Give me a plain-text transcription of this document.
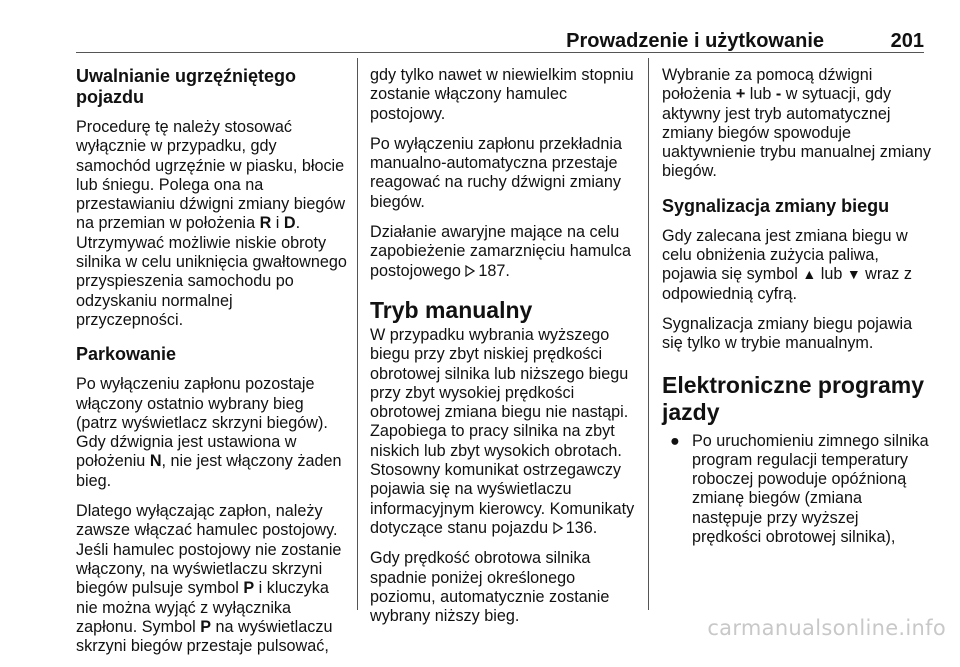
Prowadzenie i użytkowanie	201
Uwalnianie ugrzęźniętego
pojazdu

Procedurę tę należy stosować
wyłącznie w przypadku, gdy
samochód ugrzęźnie w piasku, błocie
lub śniegu. Polega ona na
przestawianiu dźwigni zmiany biegów
na przemian w położenia R i D.
Utrzymywać możliwie niskie obroty
silnika w celu uniknięcia gwałtownego
przyspieszenia samochodu po
odzyskaniu normalnej
przyczepności.

Parkowanie

Po wyłączeniu zapłonu pozostaje
włączony ostatnio wybrany bieg
(patrz wyświetlacz skrzyni biegów).
Gdy dźwignia jest ustawiona w
położeniu N, nie jest włączony żaden
bieg.

Dlatego wyłączając zapłon, należy
zawsze włączać hamulec postojowy.
Jeśli hamulec postojowy nie zostanie
włączony, na wyświetlaczu skrzyni
biegów pulsuje symbol P i kluczyka
nie można wyjąć z wyłącznika
zapłonu. Symbol P na wyświetlaczu
skrzyni biegów przestaje pulsować,

gdy tylko nawet w niewielkim stopniu
zostanie włączony hamulec
postojowy.

Po wyłączeniu zapłonu przekładnia
manualno-automatyczna przestaje
reagować na ruchy dźwigni zmiany
biegów.

Działanie awaryjne mające na celu
zapobieżenie zamarznięciu hamulca
postojowego 187.

Tryb manualny

W przypadku wybrania wyższego
biegu przy zbyt niskiej prędkości
obrotowej silnika lub niższego biegu
przy zbyt wysokiej prędkości
obrotowej zmiana biegu nie nastąpi.
Zapobiega to pracy silnika na zbyt
niskich lub zbyt wysokich obrotach.
Stosowny komunikat ostrzegawczy
pojawia się na wyświetlaczu
informacyjnym kierowcy. Komunikaty
dotyczące stanu pojazdu 136.

Gdy prędkość obrotowa silnika
spadnie poniżej określonego
poziomu, automatycznie zostanie
wybrany niższy bieg.

Wybranie za pomocą dźwigni
położenia + lub - w sytuacji, gdy
aktywny jest tryb automatycznej
zmiany biegów spowoduje
uaktywnienie trybu manualnej zmiany
biegów.

Sygnalizacja zmiany biegu

Gdy zalecana jest zmiana biegu w
celu obniżenia zużycia paliwa,
pojawia się symbol ▲ lub ▼ wraz z
odpowiednią cyfrą.

Sygnalizacja zmiany biegu pojawia
się tylko w trybie manualnym.

Elektroniczne programy
jazdy
● Po uruchomieniu zimnego silnika
program regulacji temperatury
roboczej powoduje opóźnioną
zmianę biegów (zmiana
następuje przy wyższej
prędkości obrotowej silnika),
carmanualsonline.info
